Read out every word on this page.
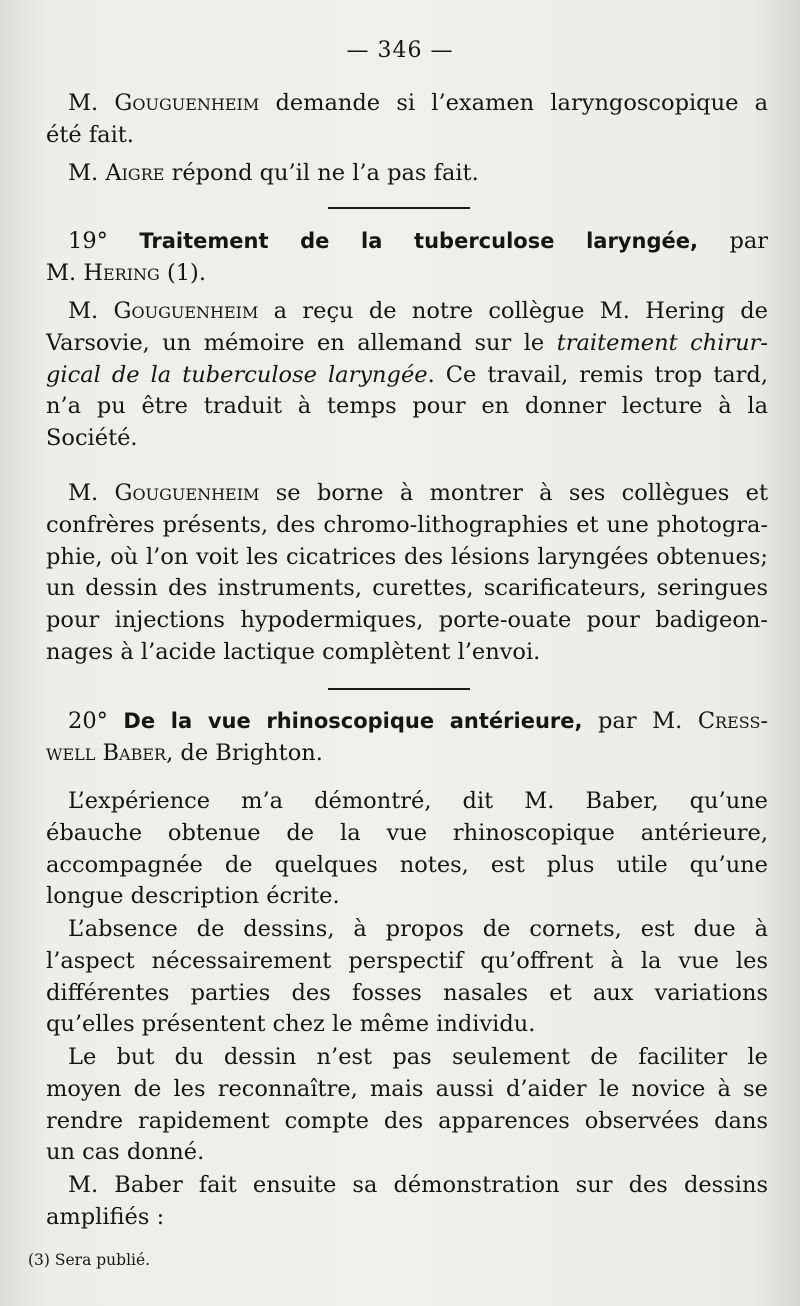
— 346 —
M. Gouguenheim demande si l’examen laryngoscopique a
été fait.
M. Aigre répond qu’il ne l’a pas fait.
19° Traitement de la tuberculose laryngée, par
M. Hering (1).
M. Gouguenheim a reçu de notre collègue M. Hering de
Varsovie, un mémoire en allemand sur le traitement chirur-
gical de la tuberculose laryngée. Ce travail, remis trop tard,
n’a pu être traduit à temps pour en donner lecture à la
Société.
M. Gouguenheim se borne à montrer à ses collègues et
confrères présents, des chromo-lithographies et une photogra-
phie, où l’on voit les cicatrices des lésions laryngées obtenues;
un dessin des instruments, curettes, scarificateurs, seringues
pour injections hypodermiques, porte-ouate pour badigeon-
nages à l’acide lactique complètent l’envoi.
20° De la vue rhinoscopique antérieure, par M. Cress-
well Baber, de Brighton.
L’expérience m’a démontré, dit M. Baber, qu’une
ébauche obtenue de la vue rhinoscopique antérieure,
accompagnée de quelques notes, est plus utile qu’une
longue description écrite.
L’absence de dessins, à propos de cornets, est due à
l’aspect nécessairement perspectif qu’offrent à la vue les
différentes parties des fosses nasales et aux variations
qu’elles présentent chez le même individu.
Le but du dessin n’est pas seulement de faciliter le
moyen de les reconnaître, mais aussi d’aider le novice à se
rendre rapidement compte des apparences observées dans
un cas donné.
M. Baber fait ensuite sa démonstration sur des dessins
amplifiés :
(3) Sera publié.
